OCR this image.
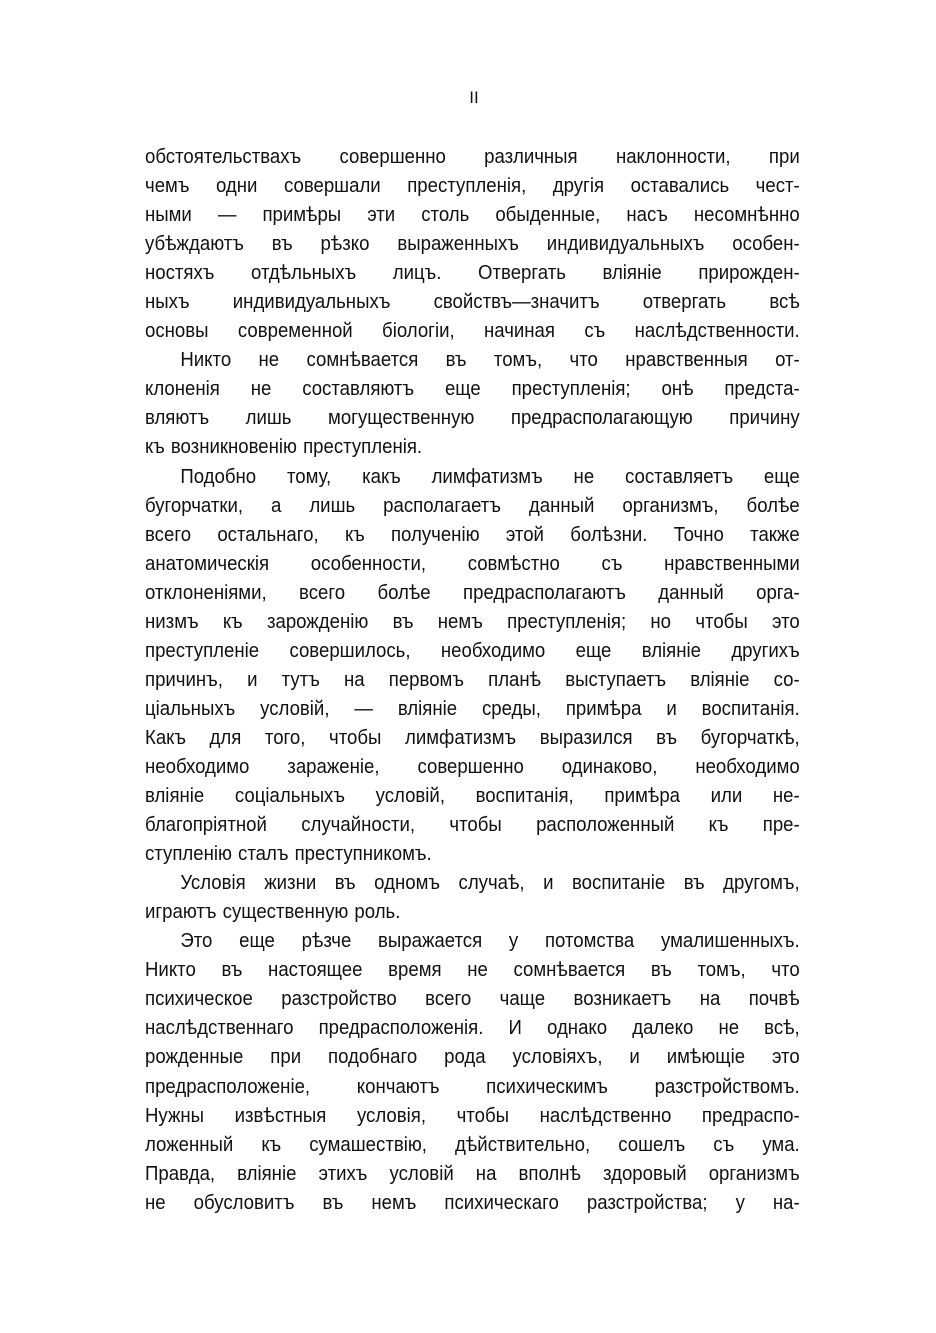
II
обстоятельствахъ совершенно различныя наклонности, при
чемъ одни совершали преступленія, другія оставались чест-
ными — примѣры эти столь обыденные, насъ несомнѣнно
убѣждаютъ въ рѣзко выраженныхъ индивидуальныхъ особен-
ностяхъ отдѣльныхъ лицъ. Отвергать вліяніе прирожден-
ныхъ индивидуальныхъ свойствъ—значитъ отвергать всѣ
основы современной біологіи, начиная съ наслѣдственности.
Никто не сомнѣвается въ томъ, что нравственныя от-
клоненія не составляютъ еще преступленія; онѣ предста-
вляютъ лишь могущественную предрасполагающую причину
къ возникновенію преступленія.
Подобно тому, какъ лимфатизмъ не составляетъ еще
бугорчатки, а лишь располагаетъ данный организмъ, болѣе
всего остальнаго, къ полученію этой болѣзни. Точно также
анатомическія особенности, совмѣстно съ нравственными
отклоненіями, всего болѣе предрасполагаютъ данный орга-
низмъ къ зарожденію въ немъ преступленія; но чтобы это
преступленіе совершилось, необходимо еще вліяніе другихъ
причинъ, и тутъ на первомъ планѣ выступаетъ вліяніе со-
ціальныхъ условій, — вліяніе среды, примѣра и воспитанія.
Какъ для того, чтобы лимфатизмъ выразился въ бугорчаткѣ,
необходимо зараженіе, совершенно одинаково, необходимо
вліяніе соціальныхъ условій, воспитанія, примѣра или не-
благопріятной случайности, чтобы расположенный къ пре-
ступленію сталъ преступникомъ.
Условія жизни въ одномъ случаѣ, и воспитаніе въ другомъ,
играютъ существенную роль.
Это еще рѣзче выражается у потомства умалишенныхъ.
Никто въ настоящее время не сомнѣвается въ томъ, что
психическое разстройство всего чаще возникаетъ на почвѣ
наслѣдственнаго предрасположенія. И однако далеко не всѣ,
рожденные при подобнаго рода условіяхъ, и имѣющіе это
предрасположеніе, кончаютъ психическимъ разстройствомъ.
Нужны извѣстныя условія, чтобы наслѣдственно предраспо-
ложенный къ сумашествію, дѣйствительно, сошелъ съ ума.
Правда, вліяніе этихъ условій на вполнѣ здоровый организмъ
не обусловитъ въ немъ психическаго разстройства; у на-
